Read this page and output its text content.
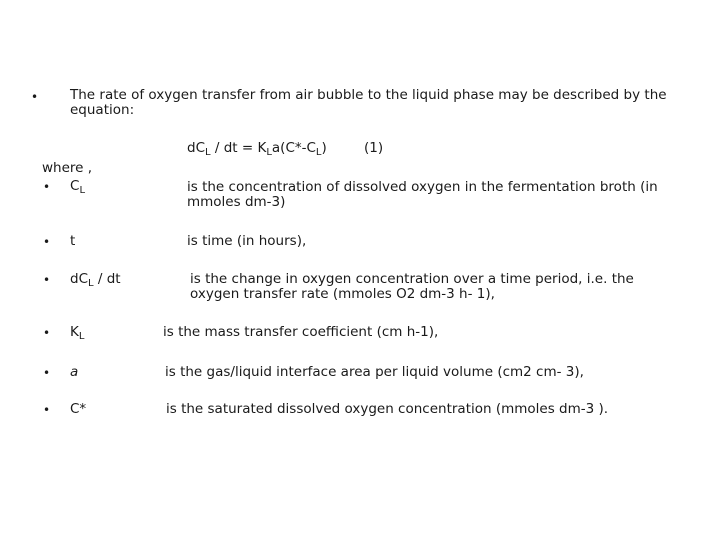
• The rate of oxygen transfer from air bubble to the liquid phase may be described by the equation:
$dC_L$ / dt = $K_La(C*-C_L)$	(1)
where ,
• $C_L$	is the concentration of dissolved oxygen in the fermentation broth (in mmoles dm-3)
• t	is time (in hours),
• $dC_L$ / dt	is the change in oxygen concentration over a time period, i.e. the oxygen transfer rate (mmoles O2 dm-3 h- 1),
• $K_L$	is the mass transfer coefficient (cm h-1),
• a	is the gas/liquid interface area per liquid volume (cm2 cm- 3),
• C*	is the saturated dissolved oxygen concentration (mmoles dm-3 ).
